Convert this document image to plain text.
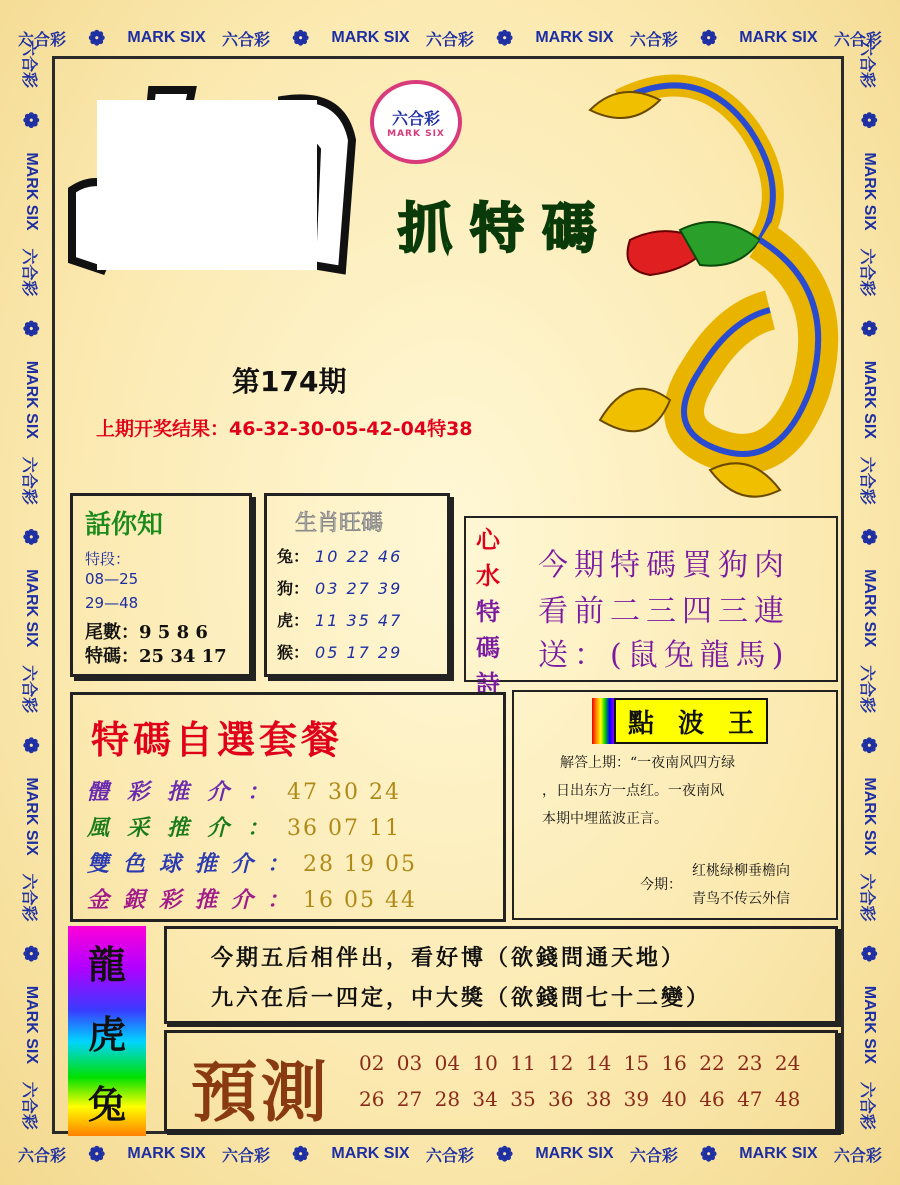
六合彩 ❁ MARK SIX 六合彩 ❁ MARK SIX 六合彩 ❁ MARK SIX 六合彩 ❁ MARK SIX 六合彩
六合彩 ❁ MARK SIX 六合彩 ❁ MARK SIX 六合彩 ❁ MARK SIX 六合彩 ❁ MARK SIX 六合彩
六合彩
❁
MARK SIX
六合彩
❁
MARK SIX
六合彩
❁
MARK SIX
六合彩
❁
MARK SIX
六合彩
❁
MARK SIX
六合彩
六合彩
❁
MARK SIX
六合彩
❁
MARK SIX
六合彩
❁
MARK SIX
六合彩
❁
MARK SIX
六合彩
❁
MARK SIX
六合彩
六合彩
MARK SIX
抓 特 碼
第174期
上期开奖结果：46-32-30-05-42-04特38
話你知
特段：
08—25
29—48
尾數：9 5 8 6
特碼：25 34 17
生肖旺碼
兔： 10 22 46
狗： 03 27 39
虎： 11 35 47
猴： 05 17 29
心
水
特
碼
詩
今期特碼買狗肉
看前二三四三連
送：(鼠兔龍馬)
特碼自選套餐
體彩推介：47 30 24
風采推介：36 07 11
雙色球推介：28 19 05
金銀彩推介：16 05 44
點 波 王
解答上期：“一夜南风四方绿
，日出东方一点红。一夜南风
本期中埋蓝波正言。
今期：
红桃绿柳垂檐向
青鸟不传云外信
龍
虎
兔
今期五后相伴出，看好博（欲錢問通天地）
九六在后一四定，中大獎（欲錢問七十二變）
預測 02 03 04 10 11 12 14 15 16 22 23 24
26 27 28 34 35 36 38 39 40 46 47 48
